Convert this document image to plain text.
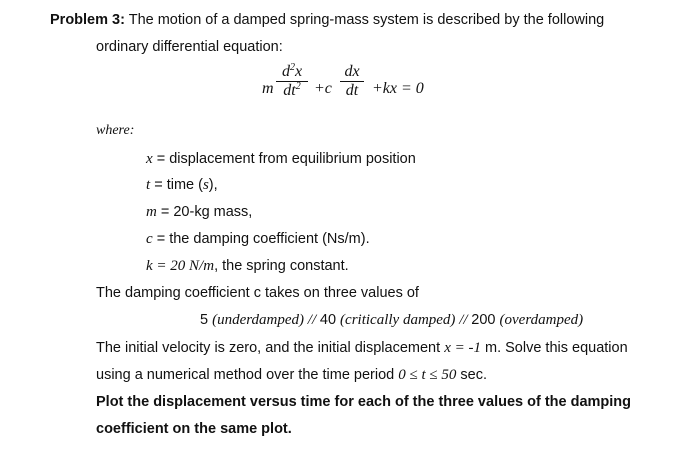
Problem 3: The motion of a damped spring-mass system is described by the following
ordinary differential equation:
m
$d^2x$
$dt^2 +c$
dx
dt +kx = 0
where:
x = displacement from equilibrium position
t = time (s),
m = 20-kg mass,
c = the damping coefficient (Ns/m).
k = 20 N/m, the spring constant.
The damping coefficient c takes on three values of
5 (underdamped) // 40 (critically damped) // 200 (overdamped)
The initial velocity is zero, and the initial displacement x = -1 m. Solve this equation
using a numerical method over the time period 0 ≤ t ≤ 50 sec.
Plot the displacement versus time for each of the three values of the damping
coefficient on the same plot.
